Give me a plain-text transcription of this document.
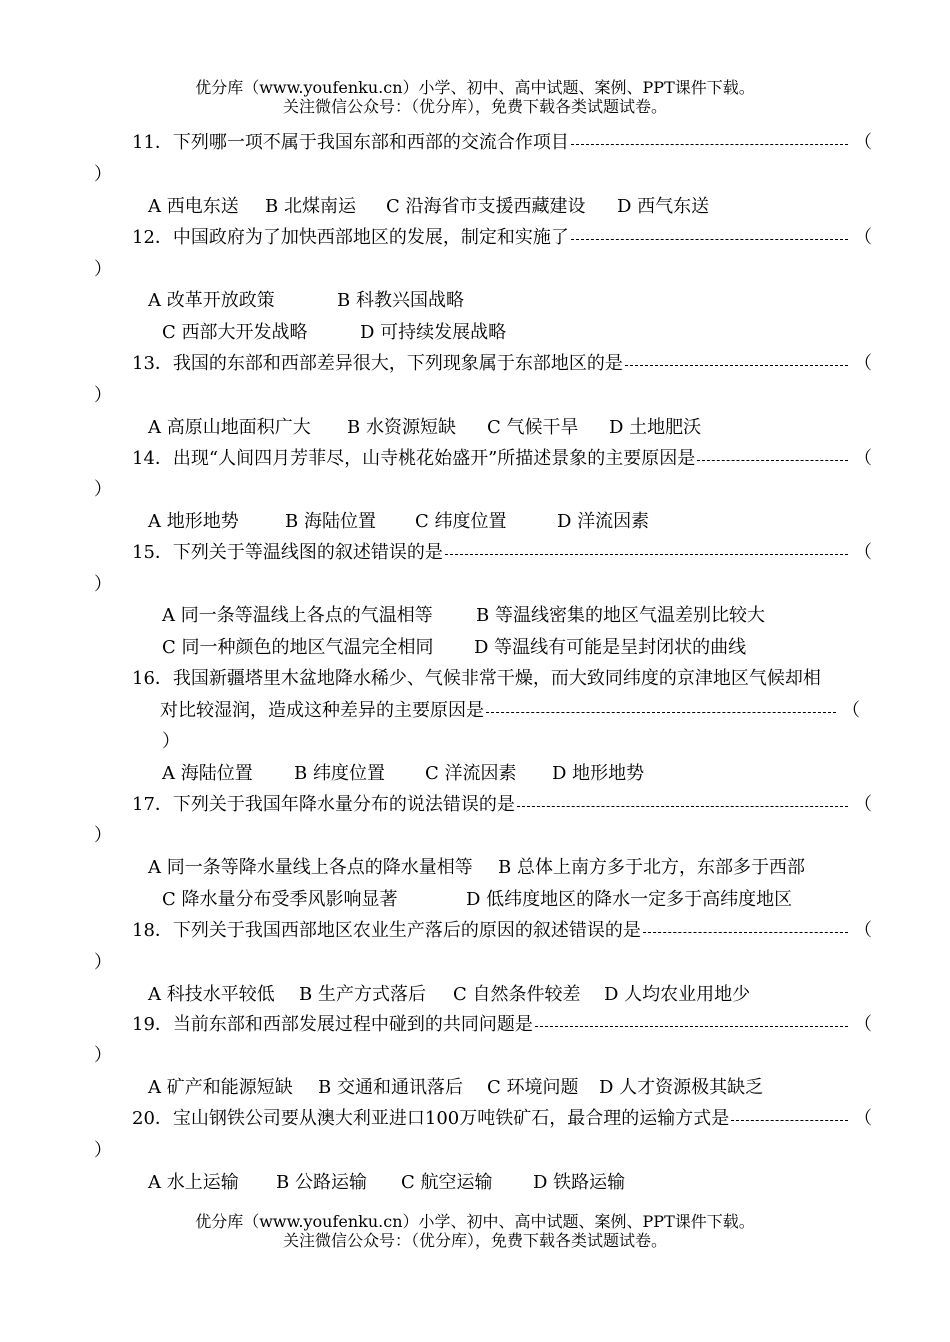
优分库（www.youfenku.cn）小学、初中、高中试题、案例、PPT课件下载。
关注微信公众号：（优分库），免费下载各类试题试卷。
11． 下列哪一项不属于我国东部和西部的交流合作项目	（
）
A 西电东送 B 北煤南运 C 沿海省市支援西藏建设 D 西气东送
12． 中国政府为了加快西部地区的发展，制定和实施了	（
）
A 改革开放政策	B 科教兴国战略
C 西部大开发战略	D 可持续发展战略
13． 我国的东部和西部差异很大，下列现象属于东部地区的是	（
）
A 高原山地面积广大 B 水资源短缺 C 气候干旱 D 土地肥沃
14． 出现“人间四月芳菲尽，山寺桃花始盛开”所描述景象的主要原因是	（
）
A 地形地势	B 海陆位置 C 纬度位置	D 洋流因素
15． 下列关于等温线图的叙述错误的是	（
）
A 同一条等温线上各点的气温相等 B 等温线密集的地区气温差别比较大
C 同一种颜色的地区气温完全相同 D 等温线有可能是呈封闭状的曲线
16． 我国新疆塔里木盆地降水稀少、气候非常干燥，而大致同纬度的京津地区气候却相
对比较湿润，造成这种差异的主要原因是	（
）
A 海陆位置 B 纬度位置 C 洋流因素 D 地形地势
17． 下列关于我国年降水量分布的说法错误的是	（
）
A 同一条等降水量线上各点的降水量相等 B 总体上南方多于北方，东部多于西部
C 降水量分布受季风影响显著	D 低纬度地区的降水一定多于高纬度地区
18． 下列关于我国西部地区农业生产落后的原因的叙述错误的是	（
）
A 科技水平较低 B 生产方式落后 C 自然条件较差 D 人均农业用地少
19． 当前东部和西部发展过程中碰到的共同问题是	（
）
A 矿产和能源短缺 B 交通和通讯落后 C 环境问题 D 人才资源极其缺乏
20． 宝山钢铁公司要从澳大利亚进口100万吨铁矿石，最合理的运输方式是	（
）
A 水上运输 B 公路运输 C 航空运输 D 铁路运输
优分库（www.youfenku.cn）小学、初中、高中试题、案例、PPT课件下载。
关注微信公众号：（优分库），免费下载各类试题试卷。
